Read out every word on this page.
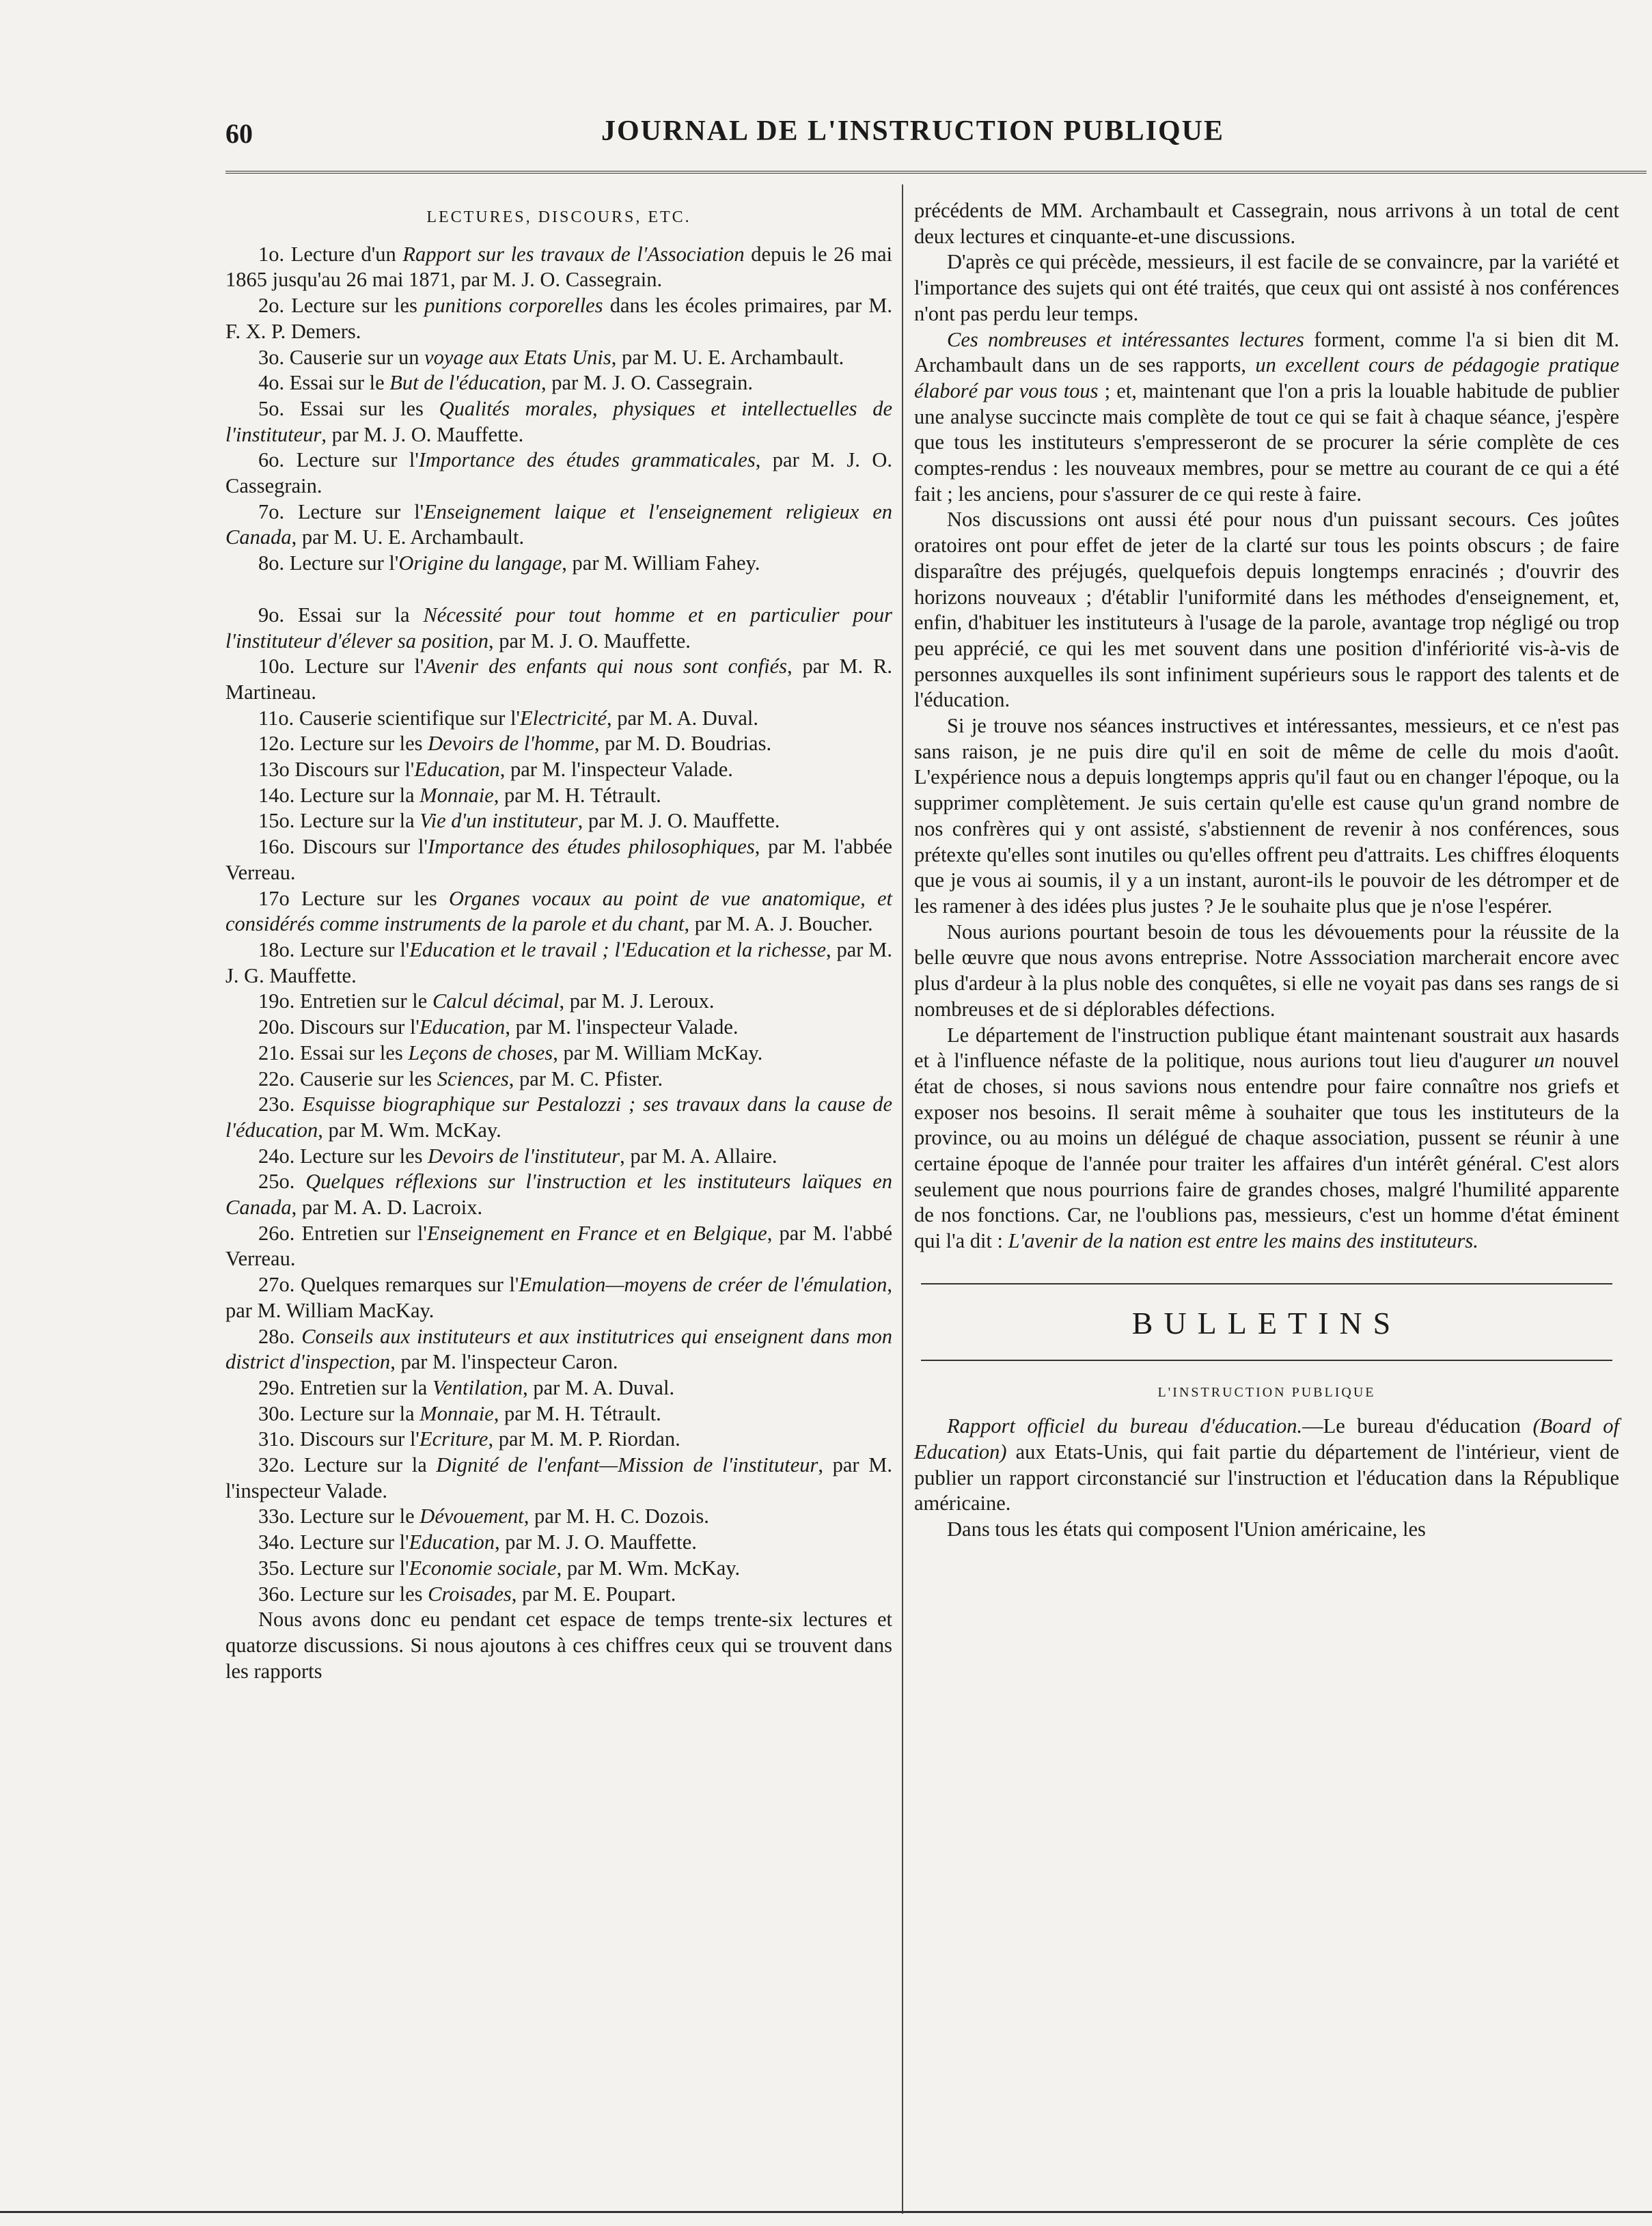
60	JOURNAL DE L'INSTRUCTION PUBLIQUE
LECTURES, DISCOURS, ETC.

1o. Lecture d'un Rapport sur les travaux de l'Association depuis le 26 mai 1865 jusqu'au 26 mai 1871, par M. J. O. Cassegrain.

2o. Lecture sur les punitions corporelles dans les écoles primaires, par M. F. X. P. Demers.

3o. Causerie sur un voyage aux Etats Unis, par M. U. E. Archambault.

4o. Essai sur le But de l'éducation, par M. J. O. Cassegrain.

5o. Essai sur les Qualités morales, physiques et intellectuelles de l'instituteur, par M. J. O. Mauffette.

6o. Lecture sur l'Importance des études grammaticales, par M. J. O. Cassegrain.

7o. Lecture sur l'Enseignement laique et l'enseignement religieux en Canada, par M. U. E. Archambault.

8o. Lecture sur l'Origine du langage, par M. William Fahey.

9o. Essai sur la Nécessité pour tout homme et en particulier pour l'instituteur d'élever sa position, par M. J. O. Mauffette.

10o. Lecture sur l'Avenir des enfants qui nous sont confiés, par M. R. Martineau.

11o. Causerie scientifique sur l'Electricité, par M. A. Duval.

12o. Lecture sur les Devoirs de l'homme, par M. D. Boudrias.

13o Discours sur l'Education, par M. l'inspecteur Valade.

14o. Lecture sur la Monnaie, par M. H. Tétrault.

15o. Lecture sur la Vie d'un instituteur, par M. J. O. Mauffette.

16o. Discours sur l'Importance des études philosophiques, par M. l'abbée Verreau.

17o Lecture sur les Organes vocaux au point de vue anatomique, et considérés comme instruments de la parole et du chant, par M. A. J. Boucher.

18o. Lecture sur l'Education et le travail ; l'Education et la richesse, par M. J. G. Mauffette.

19o. Entretien sur le Calcul décimal, par M. J. Leroux.

20o. Discours sur l'Education, par M. l'inspecteur Valade.

21o. Essai sur les Leçons de choses, par M. William McKay.

22o. Causerie sur les Sciences, par M. C. Pfister.

23o. Esquisse biographique sur Pestalozzi ; ses travaux dans la cause de l'éducation, par M. Wm. McKay.

24o. Lecture sur les Devoirs de l'instituteur, par M. A. Allaire.

25o. Quelques réflexions sur l'instruction et les instituteurs laïques en Canada, par M. A. D. Lacroix.

26o. Entretien sur l'Enseignement en France et en Belgique, par M. l'abbé Verreau.

27o. Quelques remarques sur l'Emulation—moyens de créer de l'émulation, par M. William MacKay.

28o. Conseils aux instituteurs et aux institutrices qui enseignent dans mon district d'inspection, par M. l'inspecteur Caron.

29o. Entretien sur la Ventilation, par M. A. Duval.

30o. Lecture sur la Monnaie, par M. H. Tétrault.

31o. Discours sur l'Ecriture, par M. M. P. Riordan.

32o. Lecture sur la Dignité de l'enfant—Mission de l'instituteur, par M. l'inspecteur Valade.

33o. Lecture sur le Dévouement, par M. H. C. Dozois.

34o. Lecture sur l'Education, par M. J. O. Mauffette.

35o. Lecture sur l'Economie sociale, par M. Wm. McKay.

36o. Lecture sur les Croisades, par M. E. Poupart.

Nous avons donc eu pendant cet espace de temps trente-six lectures et quatorze discussions. Si nous ajoutons à ces chiffres ceux qui se trouvent dans les rapports

précédents de MM. Archambault et Cassegrain, nous arrivons à un total de cent deux lectures et cinquante-et-une discussions.

D'après ce qui précède, messieurs, il est facile de se convaincre, par la variété et l'importance des sujets qui ont été traités, que ceux qui ont assisté à nos conférences n'ont pas perdu leur temps.

Ces nombreuses et intéressantes lectures forment, comme l'a si bien dit M. Archambault dans un de ses rapports, un excellent cours de pédagogie pratique élaboré par vous tous ; et, maintenant que l'on a pris la louable habitude de publier une analyse succincte mais complète de tout ce qui se fait à chaque séance, j'espère que tous les instituteurs s'empresseront de se procurer la série complète de ces comptes-rendus : les nouveaux membres, pour se mettre au courant de ce qui a été fait ; les anciens, pour s'assurer de ce qui reste à faire.

Nos discussions ont aussi été pour nous d'un puissant secours. Ces joûtes oratoires ont pour effet de jeter de la clarté sur tous les points obscurs ; de faire disparaître des préjugés, quelquefois depuis longtemps enracinés ; d'ouvrir des horizons nouveaux ; d'établir l'uniformité dans les méthodes d'enseignement, et, enfin, d'habituer les instituteurs à l'usage de la parole, avantage trop négligé ou trop peu apprécié, ce qui les met souvent dans une position d'infériorité vis-à-vis de personnes auxquelles ils sont infiniment supérieurs sous le rapport des talents et de l'éducation.

Si je trouve nos séances instructives et intéressantes, messieurs, et ce n'est pas sans raison, je ne puis dire qu'il en soit de même de celle du mois d'août. L'expérience nous a depuis longtemps appris qu'il faut ou en changer l'époque, ou la supprimer complètement. Je suis certain qu'elle est cause qu'un grand nombre de nos confrères qui y ont assisté, s'abstiennent de revenir à nos conférences, sous prétexte qu'elles sont inutiles ou qu'elles offrent peu d'attraits. Les chiffres éloquents que je vous ai soumis, il y a un instant, auront-ils le pouvoir de les détromper et de les ramener à des idées plus justes ? Je le souhaite plus que je n'ose l'espérer.

Nous aurions pourtant besoin de tous les dévouements pour la réussite de la belle œuvre que nous avons entreprise. Notre Asssociation marcherait encore avec plus d'ardeur à la plus noble des conquêtes, si elle ne voyait pas dans ses rangs de si nombreuses et de si déplorables défections.

Le département de l'instruction publique étant maintenant soustrait aux hasards et à l'influence néfaste de la politique, nous aurions tout lieu d'augurer un nouvel état de choses, si nous savions nous entendre pour faire connaître nos griefs et exposer nos besoins. Il serait même à souhaiter que tous les instituteurs de la province, ou au moins un délégué de chaque association, pussent se réunir à une certaine époque de l'année pour traiter les affaires d'un intérêt général. C'est alors seulement que nous pourrions faire de grandes choses, malgré l'humilité apparente de nos fonctions. Car, ne l'oublions pas, messieurs, c'est un homme d'état éminent qui l'a dit : L'avenir de la nation est entre les mains des instituteurs.

BULLETINS
L'INSTRUCTION PUBLIQUE

Rapport officiel du bureau d'éducation.—Le bureau d'éducation (Board of Education) aux Etats-Unis, qui fait partie du département de l'intérieur, vient de publier un rapport circonstancié sur l'instruction et l'éducation dans la République américaine.

Dans tous les états qui composent l'Union américaine, les
